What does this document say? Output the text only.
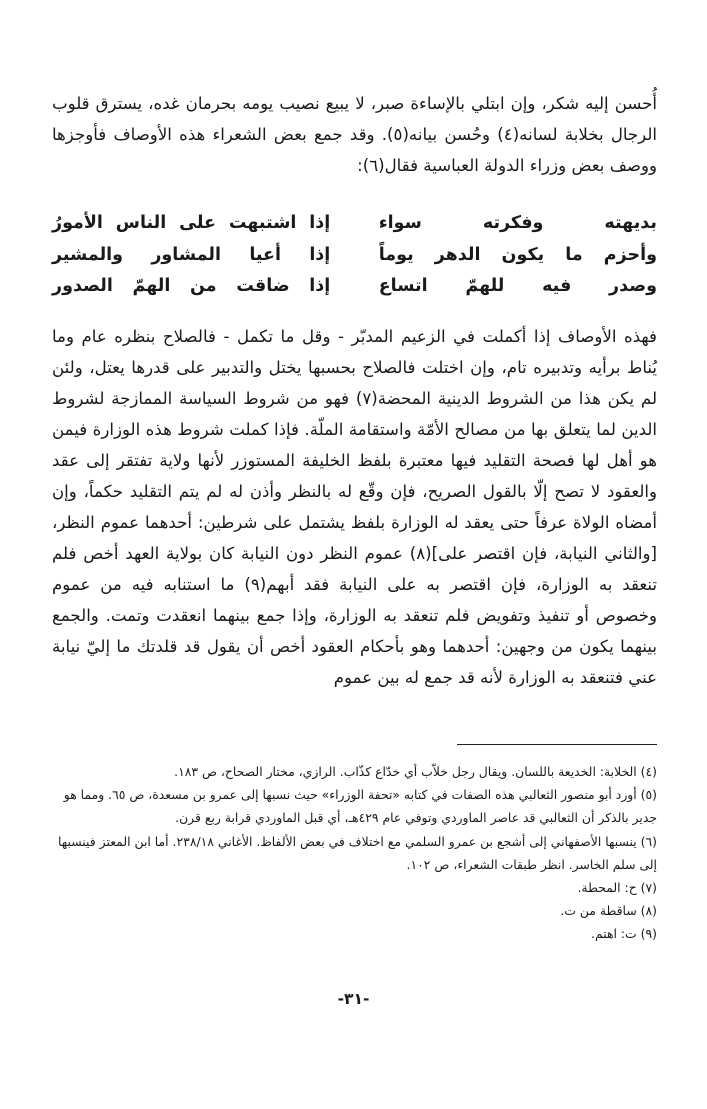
أُحسن إليه شكر، وإن ابتلي بالإساءة صبر، لا يبيع نصيب يومه بحرمان غده، يسترق قلوب الرجال بخلابة لسانه(٤) وحُسن بيانه(٥). وقد جمع بعض الشعراء هذه الأوصاف فأوجزها ووصف بعض وزراء الدولة العباسية فقال(٦):

بديهته وفكرته سواء
إذا اشتبهت على الناس الأمورُ
وأحزم ما يكون الدهر يوماً
إذا أعيا المشاور والمشير
وصدر فيه للهمّ اتساع
إذا ضاقت من الهمّ الصدور

فهذه الأوصاف إذا أكملت في الزعيم المدبّر - وقل ما تكمل - فالصلاح بنظره عام وما يُناط برأيه وتدبيره تام، وإن اختلت فالصلاح بحسبها يختل والتدبير على قدرها يعتل، ولئن لم يكن هذا من الشروط الدينية المحضة(٧) فهو من شروط السياسة الممازجة لشروط الدين لما يتعلق بها من مصالح الأمّة واستقامة الملّة. فإذا كملت شروط هذه الوزارة فيمن هو أهل لها فصحة التقليد فيها معتبرة بلفظ الخليفة المستوزر لأنها ولاية تفتقر إلى عقد والعقود لا تصح إلّا بالقول الصريح، فإن وقّع له بالنظر وأذن له لم يتم التقليد حكماً، وإن أمضاه الولاة عرفاً حتى يعقد له الوزارة بلفظ يشتمل على شرطين: أحدهما عموم النظر، [والثاني النيابة، فإن اقتصر على](٨) عموم النظر دون النيابة كان بولاية العهد أخص فلم تنعقد به الوزارة، فإن اقتصر به على النيابة فقد أبهم(٩) ما استنابه فيه من عموم وخصوص أو تنفيذ وتفويض فلم تنعقد به الوزارة، وإذا جمع بينهما انعقدت وتمت. والجمع بينهما يكون من وجهين: أحدهما وهو بأحكام العقود أخص أن يقول قد قلدتك ما إليّ نيابة عني فتنعقد به الوزارة لأنه قد جمع له بين عموم

(٤) الخلابة: الخديعة باللسان. ويقال رجل خلاّب أي خدّاع كذّاب. الرازي، مختار الصحاح، ص ١٨٣.

(٥) أورد أبو منصور الثعالبي هذه الصفات في كتابه «تحفة الوزراء» حيث نسبها إلى عمرو بن مسعدة، ص ٦٥. ومما هو جدير بالذكر أن الثعالبي قد عاصر الماوردي وتوفي عام ٤٢٩هـ، أي قبل الماوردي قرابة ربع قرن.

(٦) ينسبها الأصفهاني إلى أشجع بن عمرو السلمي مع اختلاف في بعض الألفاظ. الأغاني ٢٣٨/١٨. أما ابن المعتز فينسبها إلى سلم الخاسر. انظر طبقات الشعراء، ص ١٠٢.

(٧) ح: المحطة.

(٨) ساقطة من ت.

(٩) ت: اهتم.

-٣١-
